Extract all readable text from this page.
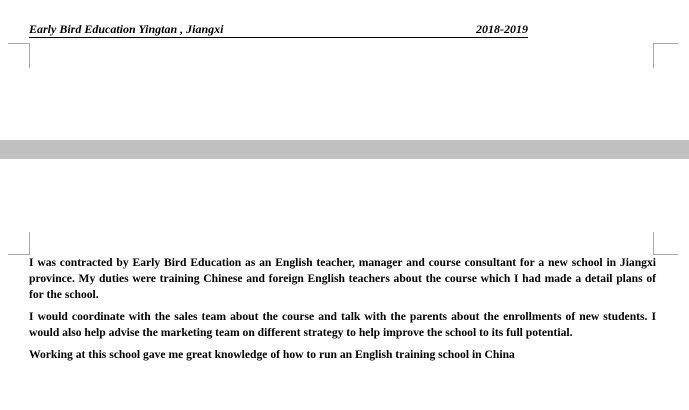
Early Bird Education Yingtan , Jiangxi	2018-2019

I was contracted by Early Bird Education as an English teacher, manager and course consultant for a new school in Jiangxi province. My duties were training Chinese and foreign English teachers about the course which I had made a detail plans of for the school.

I would coordinate with the sales team about the course and talk with the parents about the enrollments of new students. I would also help advise the marketing team on different strategy to help improve the school to its full potential.

Working at this school gave me great knowledge of how to run an English training school in China
